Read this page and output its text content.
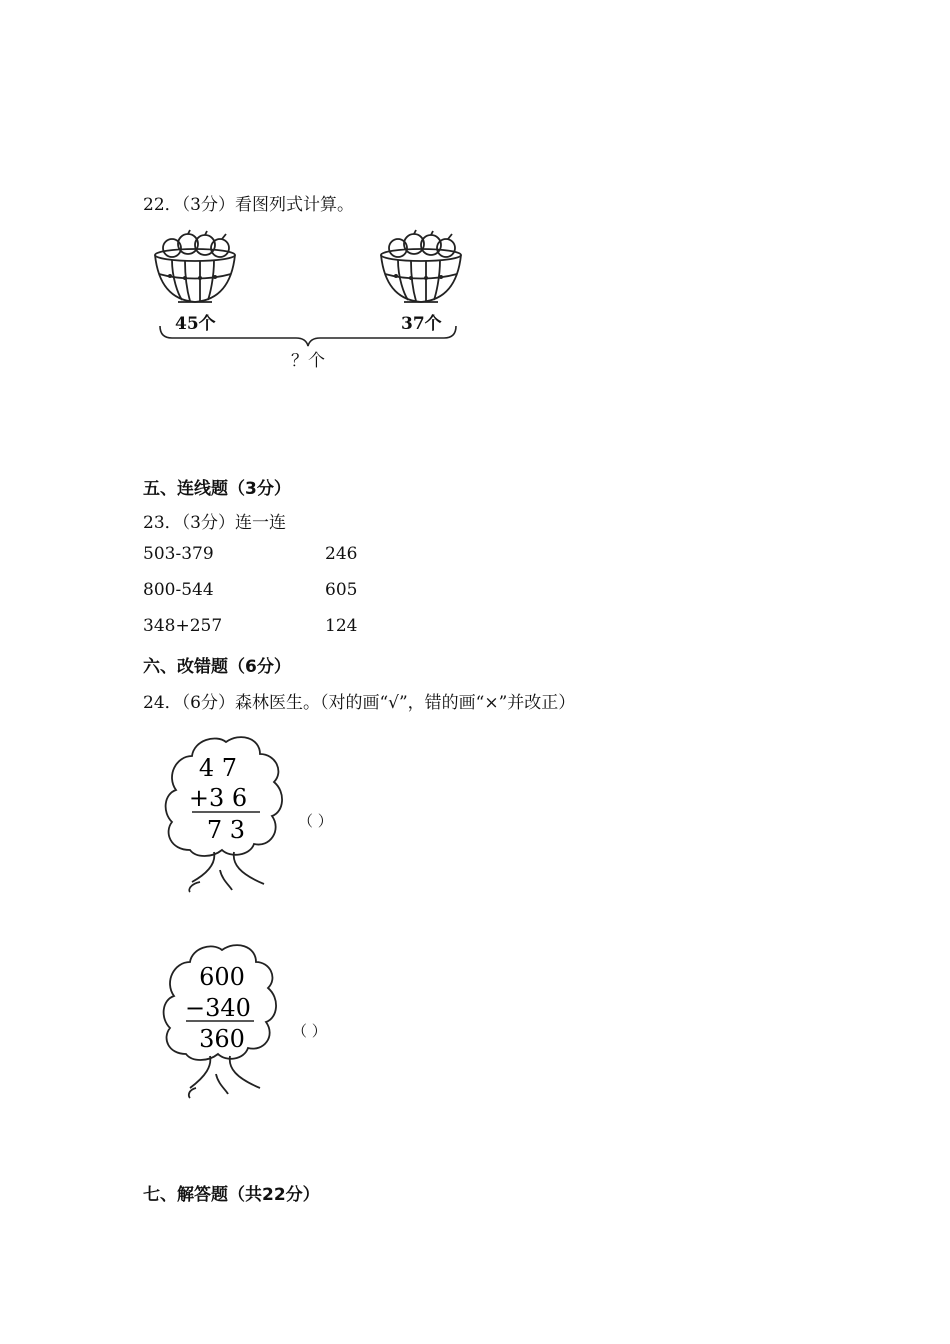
22．（3分）看图列式计算。
45个	37个
？个
五、连线题（3分）
23．（3分）连一连
503-379	246
800-544	605
348+257	124
六、改错题（6分）
24．（6分）森林医生。（对的画“√”，错的画“×”并改正）
4 7
+3 6
7 3	（ ）
600
−340
360	（ ）
七、解答题（共22分）
